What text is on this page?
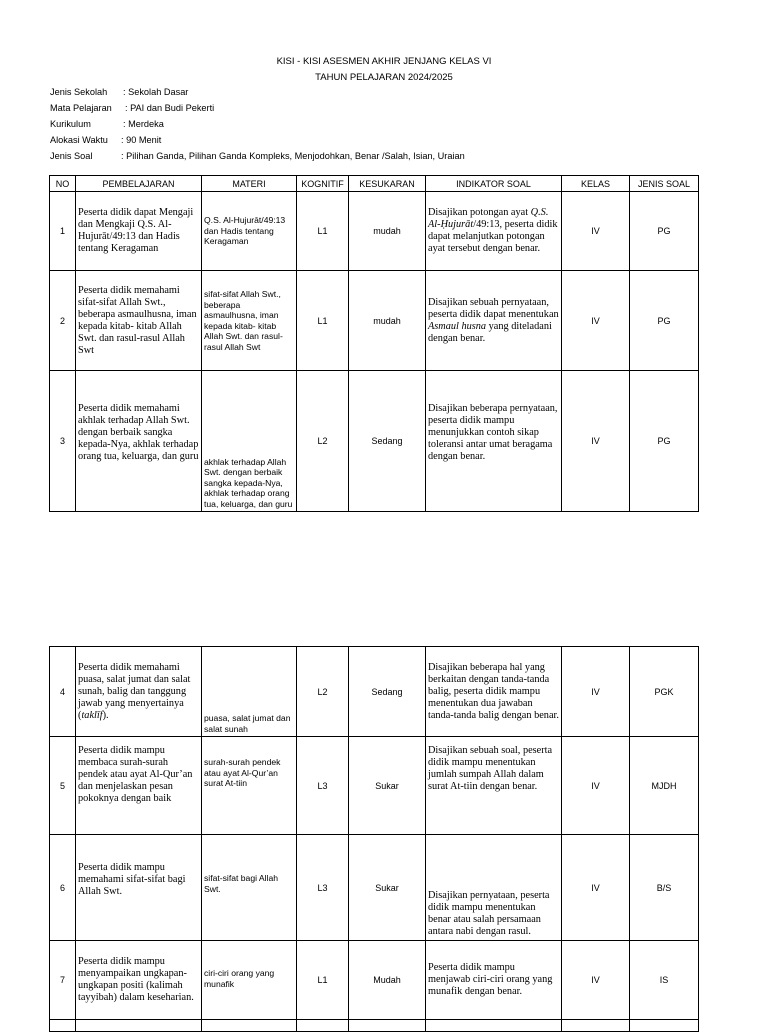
KISI - KISI ASESMEN AKHIR JENJANG KELAS VI
TAHUN PELAJARAN 2024/2025
Jenis Sekolah : Sekolah Dasar
Mata Pelajaran : PAI dan Budi Pekerti
Kurikulum	: Merdeka
Alokasi Waktu : 90 Menit
Jenis Soal	: Pilihan Ganda, Pilihan Ganda Kompleks, Menjodohkan, Benar /Salah, Isian, Uraian
NO	PEMBELAJARAN	MATERI	KOGNITIF	KESUKARAN	INDIKATOR SOAL	KELAS	JENIS SOAL
1	Peserta didik dapat Mengaji dan Mengkaji Q.S. Al-Hujurāt/49:13 dan Hadis tentang Keragaman	Q.S. Al-Hujurāt/49:13 dan Hadis tentang Keragaman	L1	mudah	Disajikan potongan ayat Q.S. Al-Ḥujurāt/49:13, peserta didik dapat melanjutkan potongan ayat tersebut dengan benar.	IV	PG
2	Peserta didik memahami sifat-sifat Allah Swt., beberapa asmaulhusna, iman kepada kitab- kitab Allah Swt. dan rasul-rasul Allah Swt	sifat-sifat Allah Swt., beberapa asmaulhusna, iman kepada kitab- kitab Allah Swt. dan rasul-rasul Allah Swt	L1	mudah	Disajikan sebuah pernyataan, peserta didik dapat menentukan Asmaul husna yang diteladani dengan benar.	IV	PG
3	Peserta didik memahami akhlak terhadap Allah Swt. dengan berbaik sangka kepada-Nya, akhlak terhadap orang tua, keluarga, dan guru	akhlak terhadap Allah Swt. dengan berbaik sangka kepada-Nya, akhlak terhadap orang tua, keluarga, dan guru	L2	Sedang	Disajikan beberapa pernyataan, peserta didik mampu menunjukkan contoh sikap toleransi antar umat beragama dengan benar.	IV	PG
4	Peserta didik memahami puasa, salat jumat dan salat sunah, balig dan tanggung jawab yang menyertainya (taklīf).	puasa, salat jumat dan salat sunah	L2	Sedang	Disajikan beberapa hal yang berkaitan dengan tanda-tanda balig, peserta didik mampu menentukan dua jawaban tanda-tanda balig dengan benar.	IV	PGK
5	Peserta didik mampu membaca surah-surah pendek atau ayat Al-Qur’an dan menjelaskan pesan pokoknya dengan baik	surah-surah pendek atau ayat Al-Qur’an surat At-tiin	L3	Sukar	Disajikan sebuah soal, peserta didik mampu menentukan jumlah sumpah Allah dalam surat At-tiin dengan benar.	IV	MJDH
6	Peserta didik mampu memahami sifat-sifat bagi Allah Swt.	sifat-sifat bagi Allah Swt.	L3	Sukar	Disajikan pernyataan, peserta didik mampu menentukan benar atau salah persamaan antara nabi dengan rasul.	IV	B/S
7	Peserta didik mampu menyampaikan ungkapan-ungkapan positi (kalimah tayyibah) dalam keseharian.	ciri-ciri orang yang munafik	L1	Mudah	Peserta didik mampu menjawab ciri-ciri orang yang munafik dengan benar.	IV	IS
